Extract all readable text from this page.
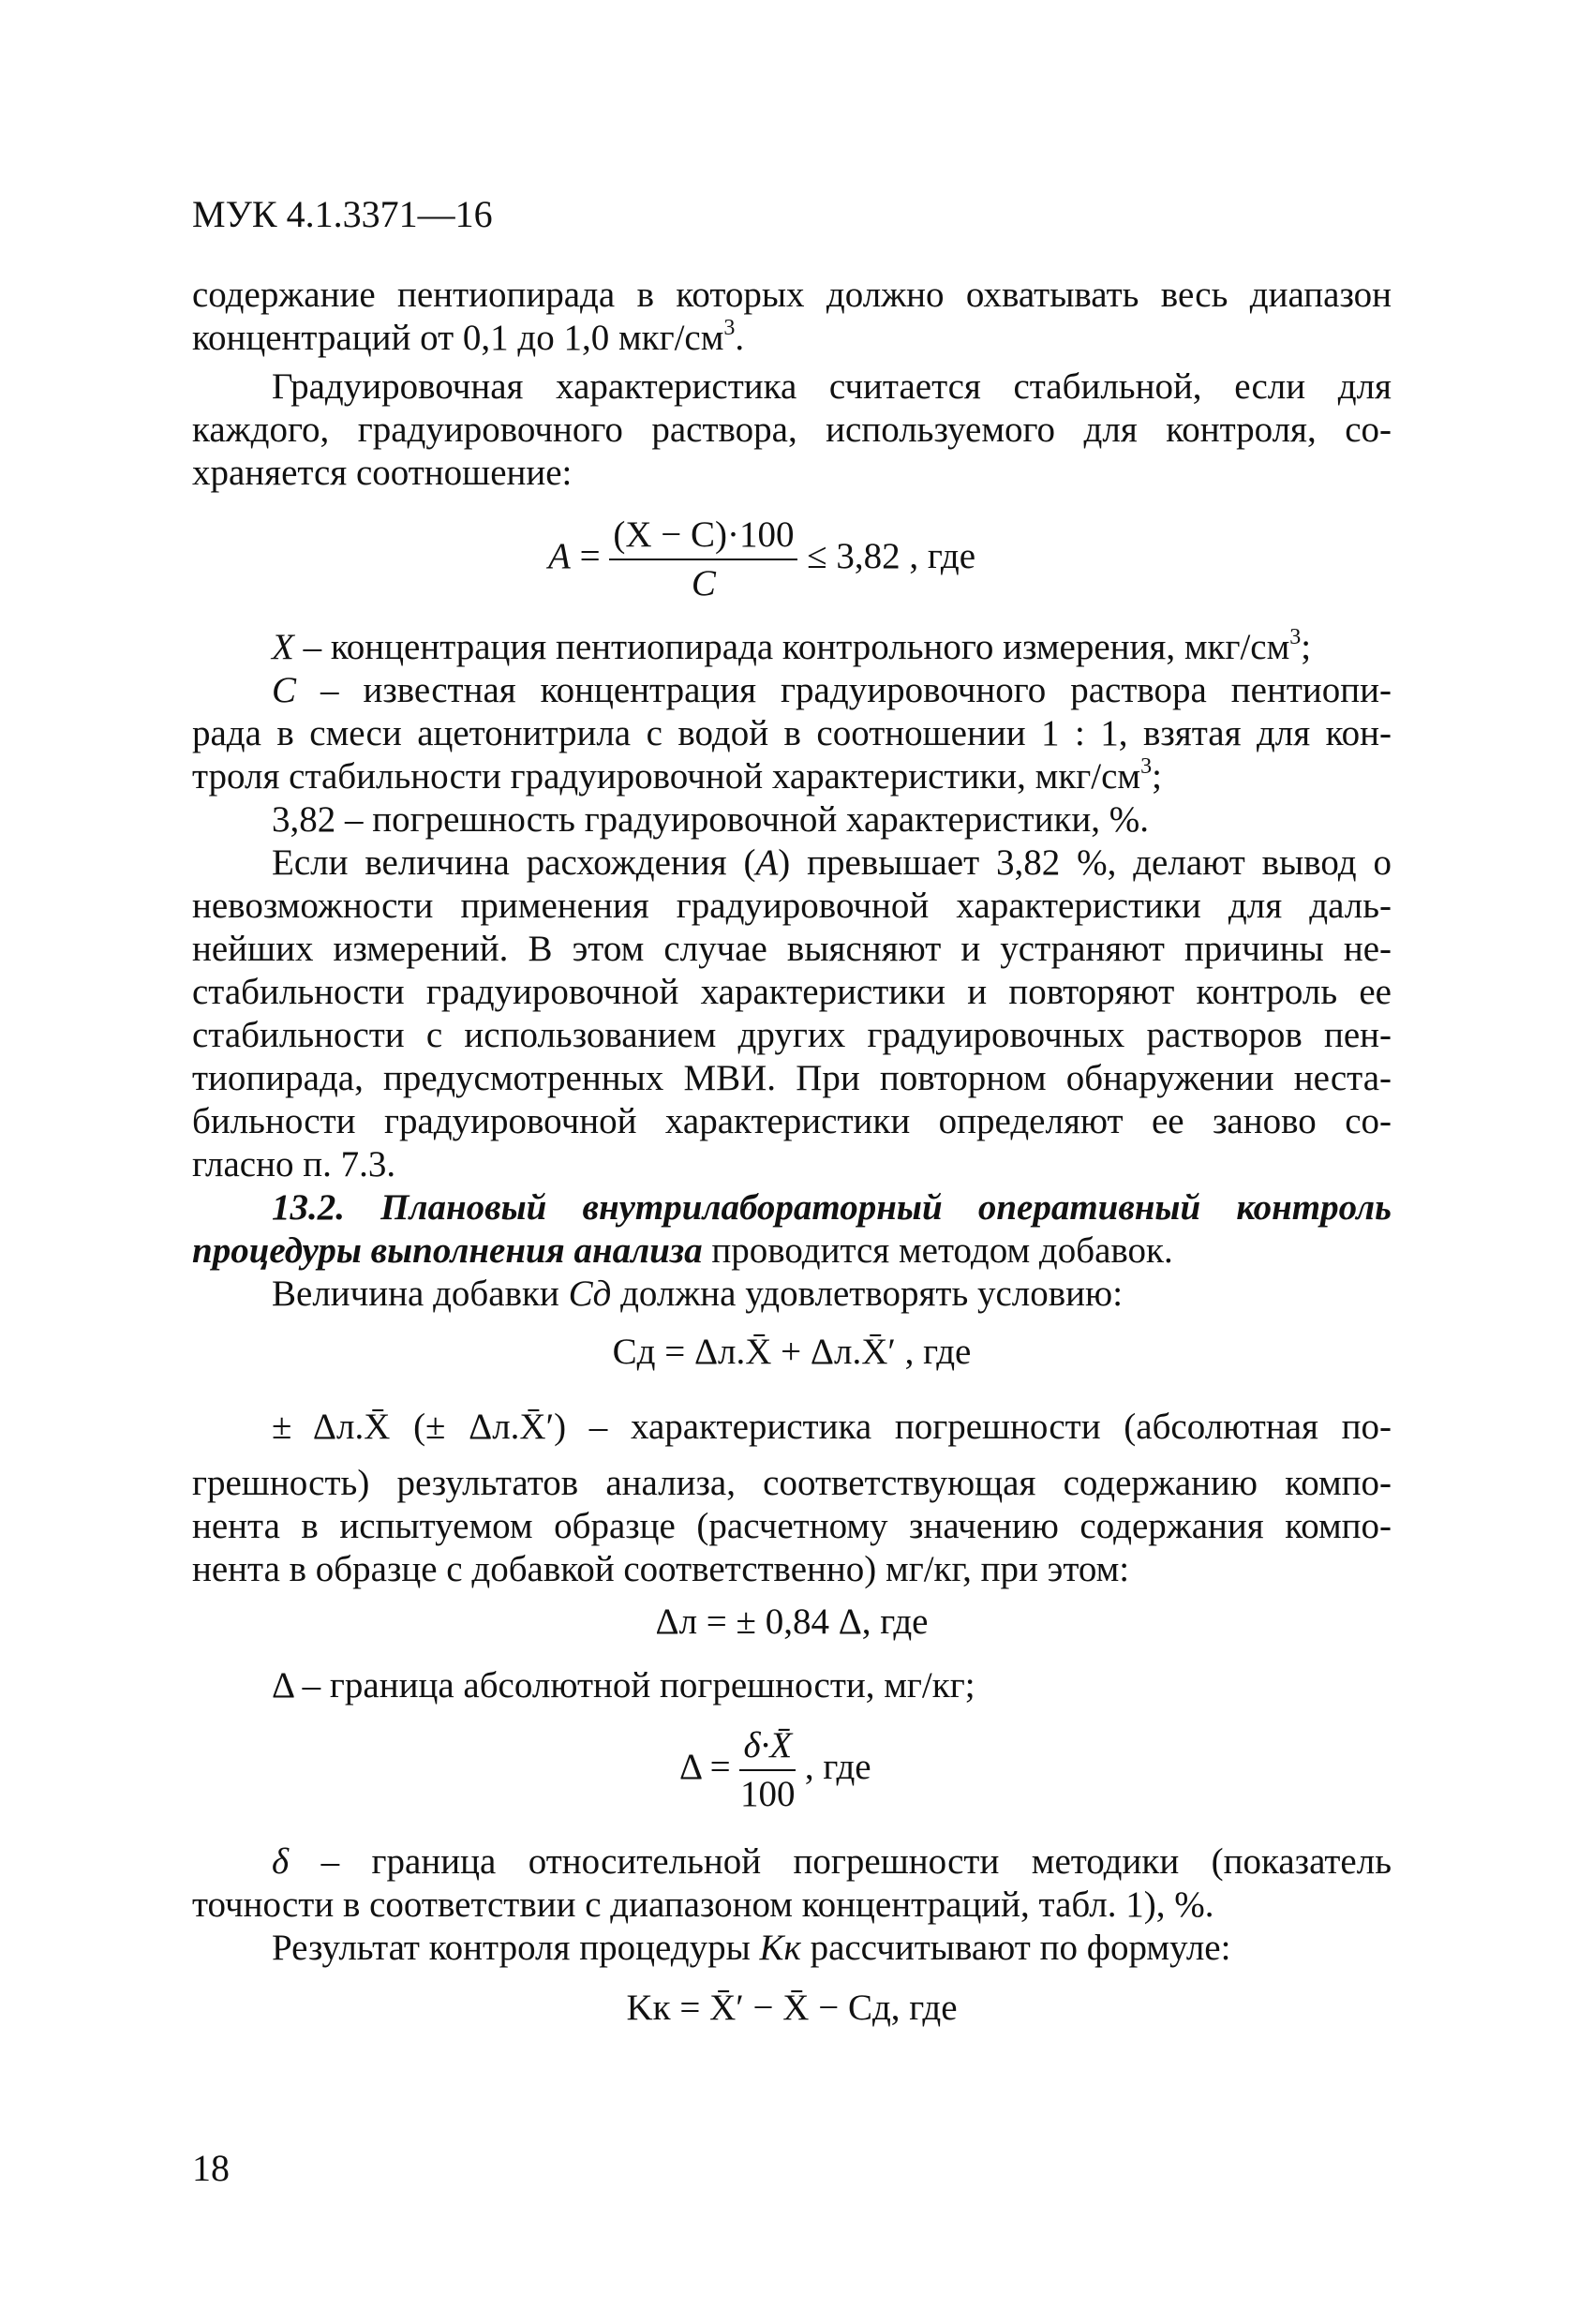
МУК 4.1.3371—16
содержание пентиопирада в которых должно охватывать весь диапазон
концентраций от 0,1 до 1,0 мкг/$см^3$.
Градуировочная характеристика считается стабильной, если для
каждого, градуировочного раствора, используемого для контроля, со-
храняется соотношение:
$A = \frac{(X - C)\cdot 100}{C} \le 3,82$ , где
X – концентрация пентиопирада контрольного измерения, мкг/$см^3$;
C – известная концентрация градуировочного раствора пентиопи-
рада в смеси ацетонитрила с водой в соотношении 1 : 1, взятая для кон-
троля стабильности градуировочной характеристики, мкг/$см^3$;
3,82 – погрешность градуировочной характеристики, %.
Если величина расхождения (A) превышает 3,82 %, делают вывод о
невозможности применения градуировочной характеристики для даль-
нейших измерений. В этом случае выясняют и устраняют причины не-
стабильности градуировочной характеристики и повторяют контроль ее
стабильности с использованием других градуировочных растворов пен-
тиопирада, предусмотренных МВИ. При повторном обнаружении неста-
бильности градуировочной характеристики определяют ее заново со-
гласно п. 7.3.
13.2. Плановый внутрилабораторный оперативный контроль
процедуры выполнения анализа проводится методом добавок.
Величина добавки Cд должна удовлетворять условию:
Cд = Δл.X̄ + Δл.X̄′ , где
± Δл.X̄ (± Δл.X̄′) – характеристика погрешности (абсолютная по-
грешность) результатов анализа, соответствующая содержанию компо-
нента в испытуемом образце (расчетному значению содержания компо-
нента в образце с добавкой соответственно) мг/кг, при этом:
Δл = ± 0,84 Δ, где
Δ – граница абсолютной погрешности, мг/кг;
$\Delta = \frac{\delta\cdot X̄}{100}$ , где
δ – граница относительной погрешности методики (показатель
точности в соответствии с диапазоном концентраций, табл. 1), %.
Результат контроля процедуры Kк рассчитывают по формуле:
Kк = X̄′ − X̄ − Cд, где
18
